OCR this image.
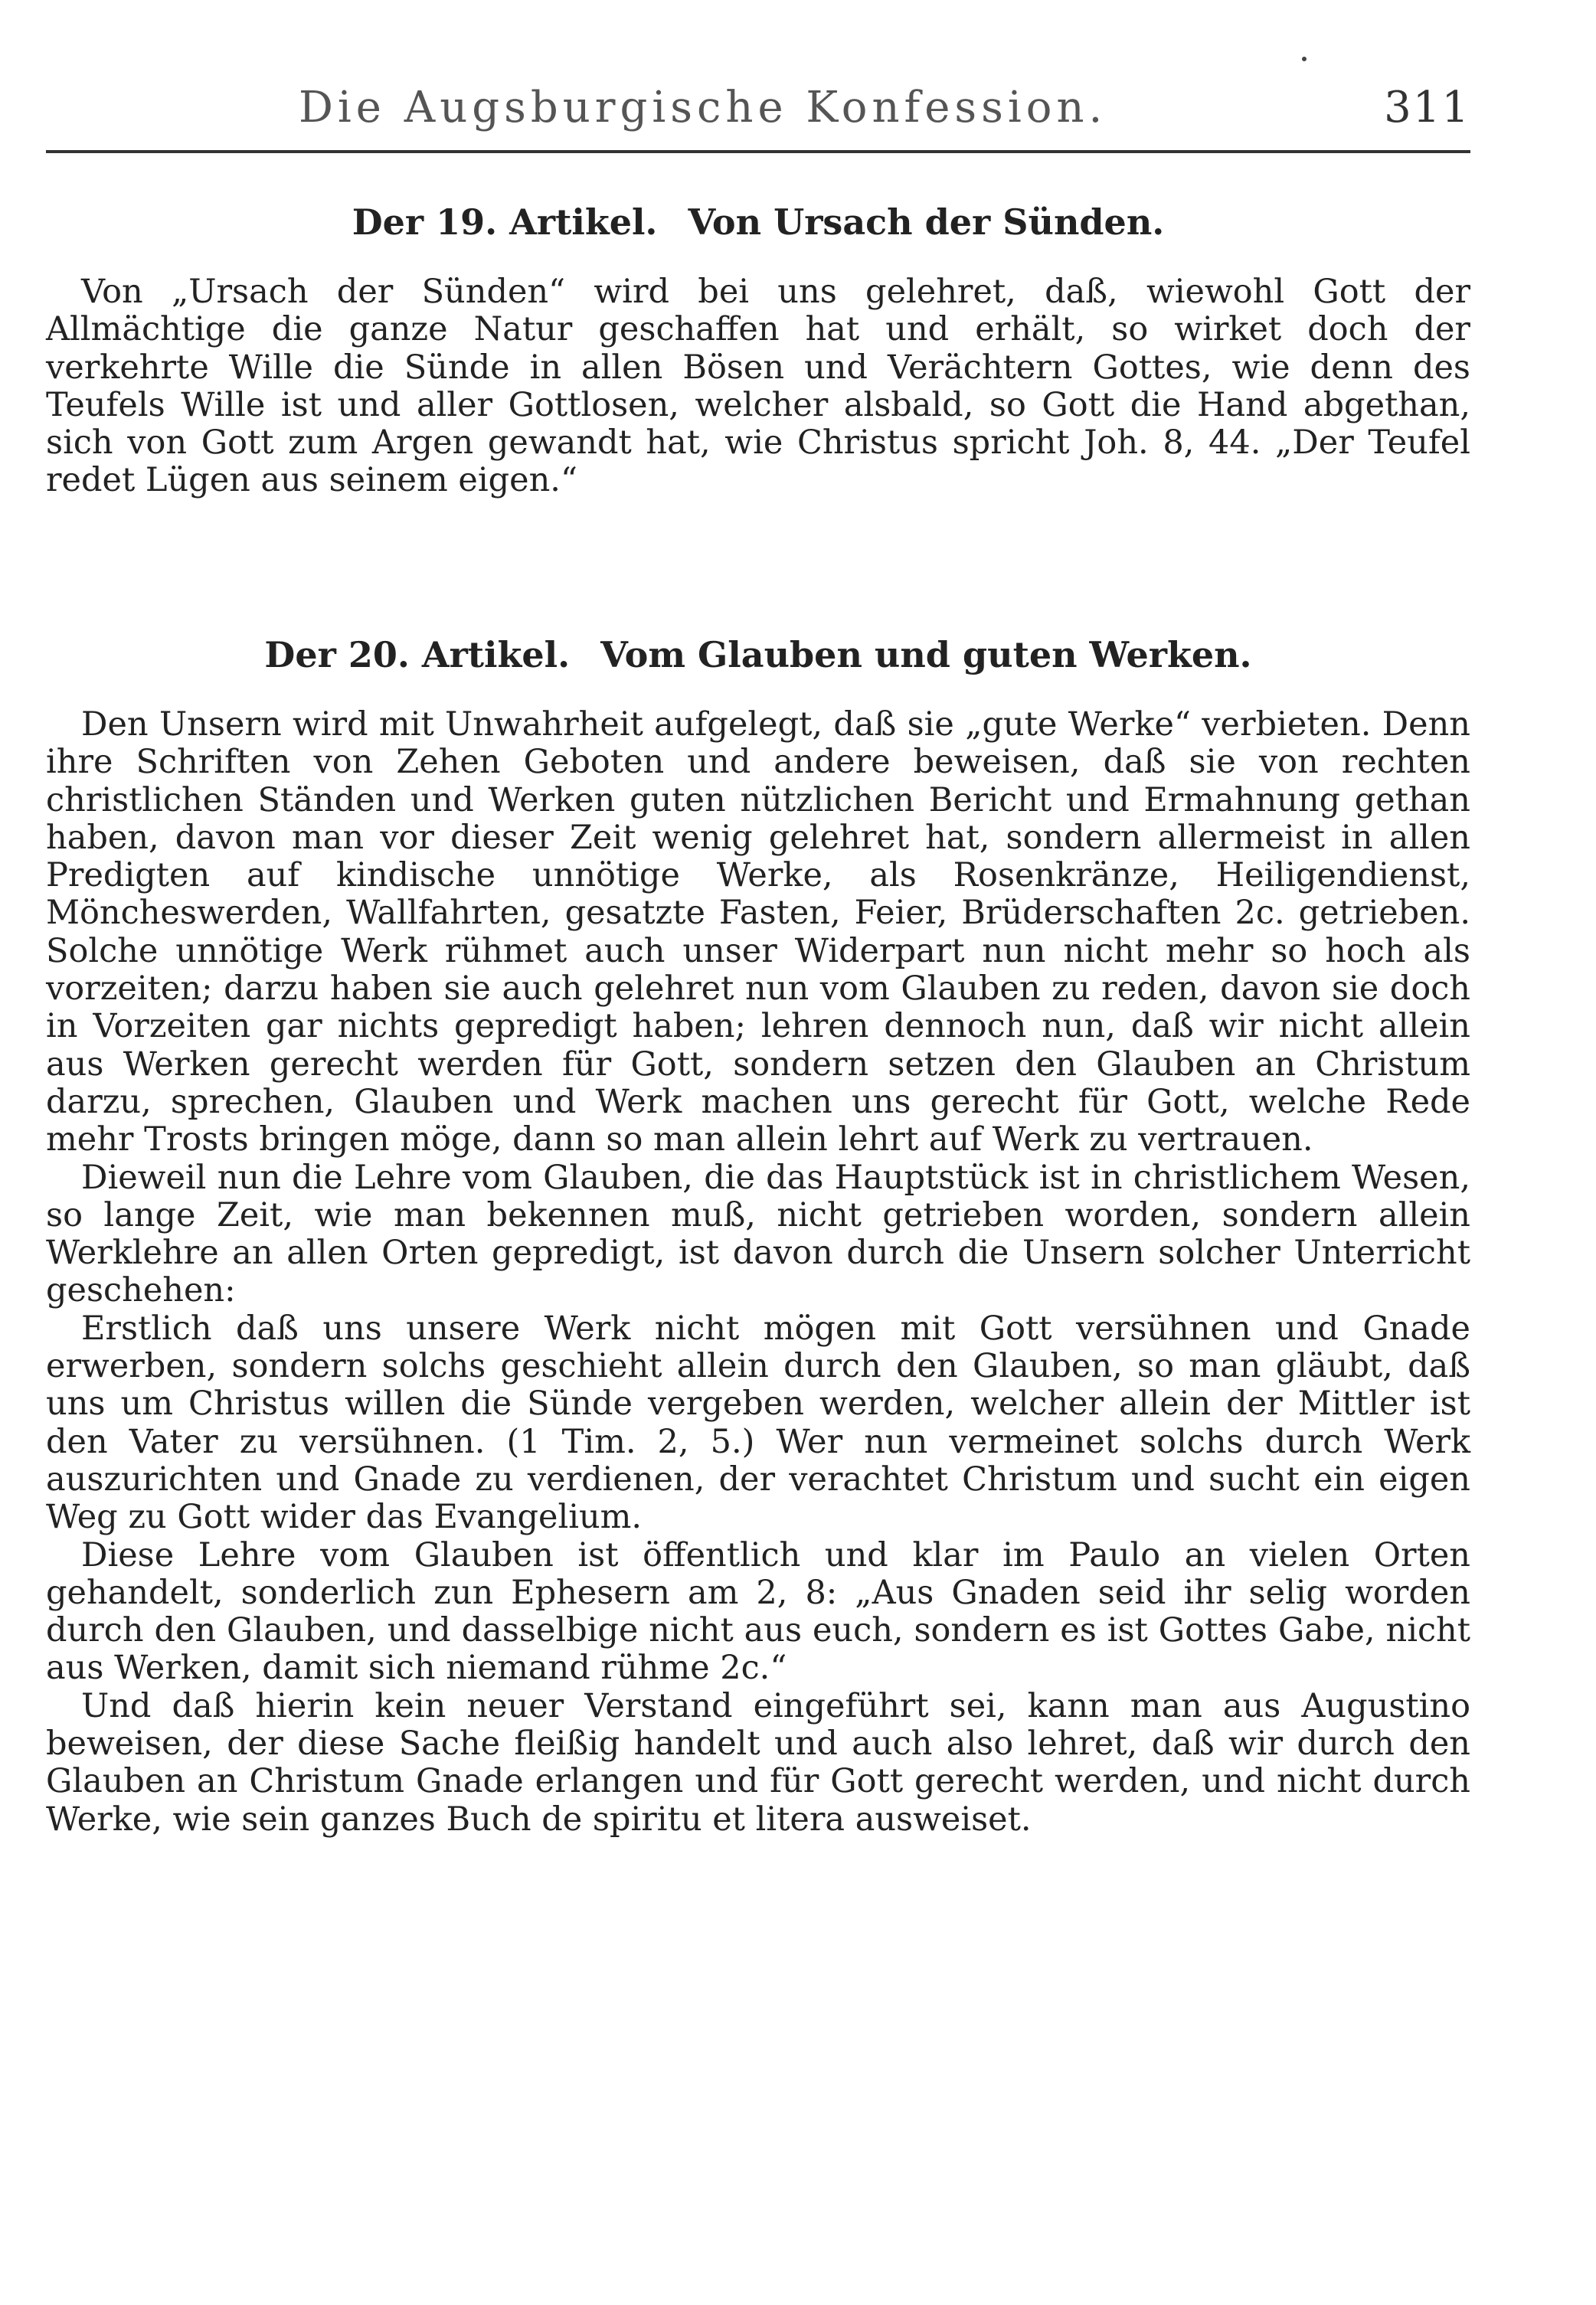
Die Augsburgische Konfession.	311
Der 19. Artikel. Von Ursach der Sünden.

Von „Ursach der Sünden“ wird bei uns gelehret, daß, wiewohl Gott der Allmächtige die ganze Natur geschaffen hat und erhält, so wirket doch der verkehrte Wille die Sünde in allen Bösen und Verächtern Gottes, wie denn des Teufels Wille ist und aller Gottlosen, welcher alsbald, so Gott die Hand abgethan, sich von Gott zum Argen gewandt hat, wie Christus spricht Joh. 8, 44. „Der Teufel redet Lügen aus seinem eigen.“

Der 20. Artikel. Vom Glauben und guten Werken.

Den Unsern wird mit Unwahrheit aufgelegt, daß sie „gute Werke“ verbieten. Denn ihre Schriften von Zehen Geboten und andere beweisen, daß sie von rechten christlichen Ständen und Werken guten nützlichen Bericht und Ermahnung gethan haben, davon man vor dieser Zeit wenig gelehret hat, sondern allermeist in allen Predigten auf kindische unnötige Werke, als Rosenkränze, Heiligendienst, Möncheswerden, Wallfahrten, gesatzte Fasten, Feier, Brüderschaften 2c. getrieben. Solche unnötige Werk rühmet auch unser Widerpart nun nicht mehr so hoch als vorzeiten; darzu haben sie auch gelehret nun vom Glauben zu reden, davon sie doch in Vorzeiten gar nichts gepredigt haben; lehren dennoch nun, daß wir nicht allein aus Werken gerecht werden für Gott, sondern setzen den Glauben an Christum darzu, sprechen, Glauben und Werk machen uns gerecht für Gott, welche Rede mehr Trosts bringen möge, dann so man allein lehrt auf Werk zu vertrauen.

Dieweil nun die Lehre vom Glauben, die das Hauptstück ist in christlichem Wesen, so lange Zeit, wie man bekennen muß, nicht getrieben worden, sondern allein Werklehre an allen Orten gepredigt, ist davon durch die Unsern solcher Unterricht geschehen:

Erstlich daß uns unsere Werk nicht mögen mit Gott versühnen und Gnade erwerben, sondern solchs geschieht allein durch den Glauben, so man gläubt, daß uns um Christus willen die Sünde vergeben werden, welcher allein der Mittler ist den Vater zu versühnen. (1 Tim. 2, 5.) Wer nun vermeinet solchs durch Werk auszurichten und Gnade zu verdienen, der verachtet Christum und sucht ein eigen Weg zu Gott wider das Evangelium.

Diese Lehre vom Glauben ist öffentlich und klar im Paulo an vielen Orten gehandelt, sonderlich zun Ephesern am 2, 8: „Aus Gnaden seid ihr selig worden durch den Glauben, und dasselbige nicht aus euch, sondern es ist Gottes Gabe, nicht aus Werken, damit sich niemand rühme 2c.“

Und daß hierin kein neuer Verstand eingeführt sei, kann man aus Augustino beweisen, der diese Sache fleißig handelt und auch also lehret, daß wir durch den Glauben an Christum Gnade erlangen und für Gott gerecht werden, und nicht durch Werke, wie sein ganzes Buch de spiritu et litera ausweiset.
